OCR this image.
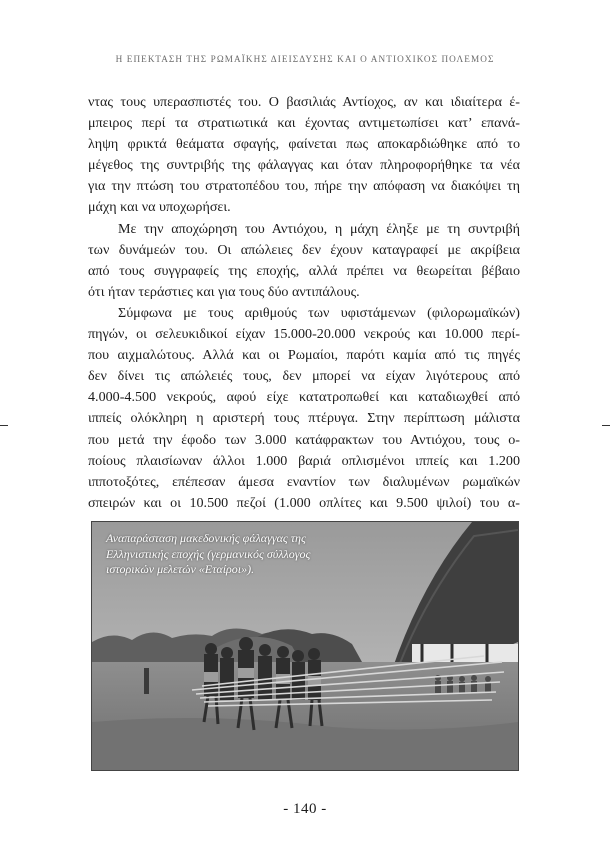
Η ΕΠΕΚΤΑΣΗ ΤΗΣ ΡΩΜΑΪΚΗΣ ΔΙΕΙΣΔΥΣΗΣ ΚΑΙ Ο ΑΝΤΙΟΧΙΚΟΣ ΠΟΛΕΜΟΣ

ντας τους υπερασπιστές του. Ο βασιλιάς Αντίοχος, αν και ιδιαίτερα έ-

μπειρος περί τα στρατιωτικά και έχοντας αντιμετωπίσει κατ’ επανά-

ληψη φρικτά θεάματα σφαγής, φαίνεται πως αποκαρδιώθηκε από το

μέγεθος της συντριβής της φάλαγγας και όταν πληροφορήθηκε τα νέα

για την πτώση του στρατοπέδου του, πήρε την απόφαση να διακόψει τη

μάχη και να υποχωρήσει.

Με την αποχώρηση του Αντιόχου, η μάχη έληξε με τη συντριβή

των δυνάμεών του. Οι απώλειες δεν έχουν καταγραφεί με ακρίβεια

από τους συγγραφείς της εποχής, αλλά πρέπει να θεωρείται βέβαιο

ότι ήταν τεράστιες και για τους δύο αντιπάλους.

Σύμφωνα με τους αριθμούς των υφιστάμενων (φιλορωμαϊκών)

πηγών, οι σελευκιδικοί είχαν 15.000-20.000 νεκρούς και 10.000 περί-

που αιχμαλώτους. Αλλά και οι Ρωμαίοι, παρότι καμία από τις πηγές

δεν δίνει τις απώλειές τους, δεν μπορεί να είχαν λιγότερους από

4.000-4.500 νεκρούς, αφού είχε κατατροπωθεί και καταδιωχθεί από

ιππείς ολόκληρη η αριστερή τους πτέρυγα. Στην περίπτωση μάλιστα

που μετά την έφοδο των 3.000 κατάφρακτων του Αντιόχου, τους ο-

ποίους πλαισίωναν άλλοι 1.000 βαριά οπλισμένοι ιππείς και 1.200

ιπποτοξότες, επέπεσαν άμεσα εναντίον των διαλυμένων ρωμαϊκών

σπειρών και οι 10.500 πεζοί (1.000 οπλίτες και 9.500 ψιλοί) του α-

Αναπαράσταση μακεδονικής φάλαγγας της
Ελληνιστικής εποχής (γερμανικός σύλλογος
ιστορικών μελετών «Εταίροι»).
- 140 -
